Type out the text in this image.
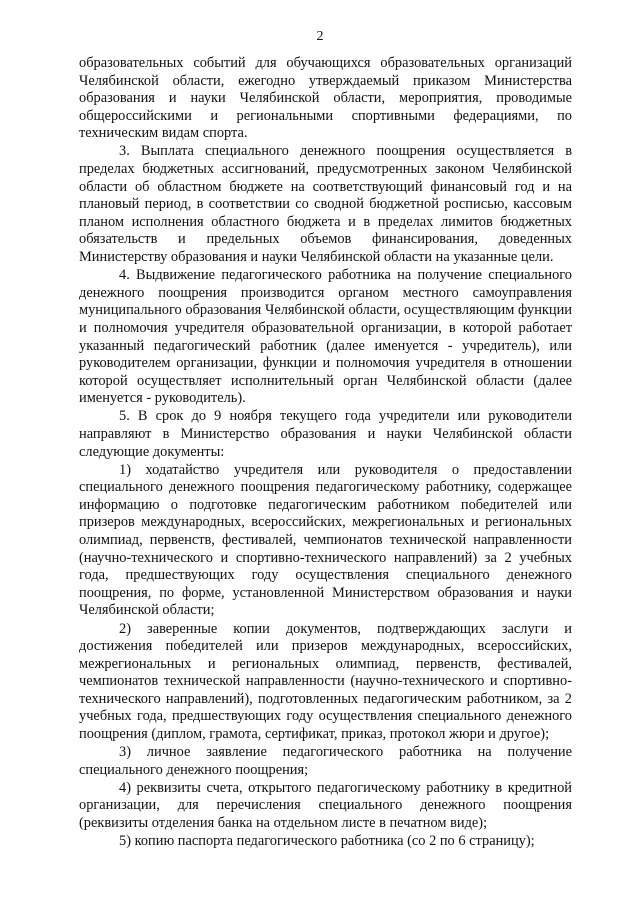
2

образовательных событий для обучающихся образовательных организаций Челябинской области, ежегодно утверждаемый приказом Министерства образования и науки Челябинской области, мероприятия, проводимые общероссийскими и региональными спортивными федерациями, по техническим видам спорта.

3. Выплата специального денежного поощрения осуществляется в пределах бюджетных ассигнований, предусмотренных законом Челябинской области об областном бюджете на соответствующий финансовый год и на плановый период, в соответствии со сводной бюджетной росписью, кассовым планом исполнения областного бюджета и в пределах лимитов бюджетных обязательств и предельных объемов финансирования, доведенных Министерству образования и науки Челябинской области на указанные цели.

4. Выдвижение педагогического работника на получение специального денежного поощрения производится органом местного самоуправления муниципального образования Челябинской области, осуществляющим функции и полномочия учредителя образовательной организации, в которой работает указанный педагогический работник (далее именуется - учредитель), или руководителем организации, функции и полномочия учредителя в отношении которой осуществляет исполнительный орган Челябинской области (далее именуется - руководитель).

5. В срок до 9 ноября текущего года учредители или руководители направляют в Министерство образования и науки Челябинской области следующие документы:

1) ходатайство учредителя или руководителя о предоставлении специального денежного поощрения педагогическому работнику, содержащее информацию о подготовке педагогическим работником победителей или призеров международных, всероссийских, межрегиональных и региональных олимпиад, первенств, фестивалей, чемпионатов технической направленности (научно-технического и спортивно-технического направлений) за 2 учебных года, предшествующих году осуществления специального денежного поощрения, по форме, установленной Министерством образования и науки Челябинской области;

2) заверенные копии документов, подтверждающих заслуги и достижения победителей или призеров международных, всероссийских, межрегиональных и региональных олимпиад, первенств, фестивалей, чемпионатов технической направленности (научно-технического и спортивно-технического направлений), подготовленных педагогическим работником, за 2 учебных года, предшествующих году осуществления специального денежного поощрения (диплом, грамота, сертификат, приказ, протокол жюри и другое);

3) личное заявление педагогического работника на получение специального денежного поощрения;

4) реквизиты счета, открытого педагогическому работнику в кредитной организации, для перечисления специального денежного поощрения (реквизиты отделения банка на отдельном листе в печатном виде);

5) копию паспорта педагогического работника (со 2 по 6 страницу);
